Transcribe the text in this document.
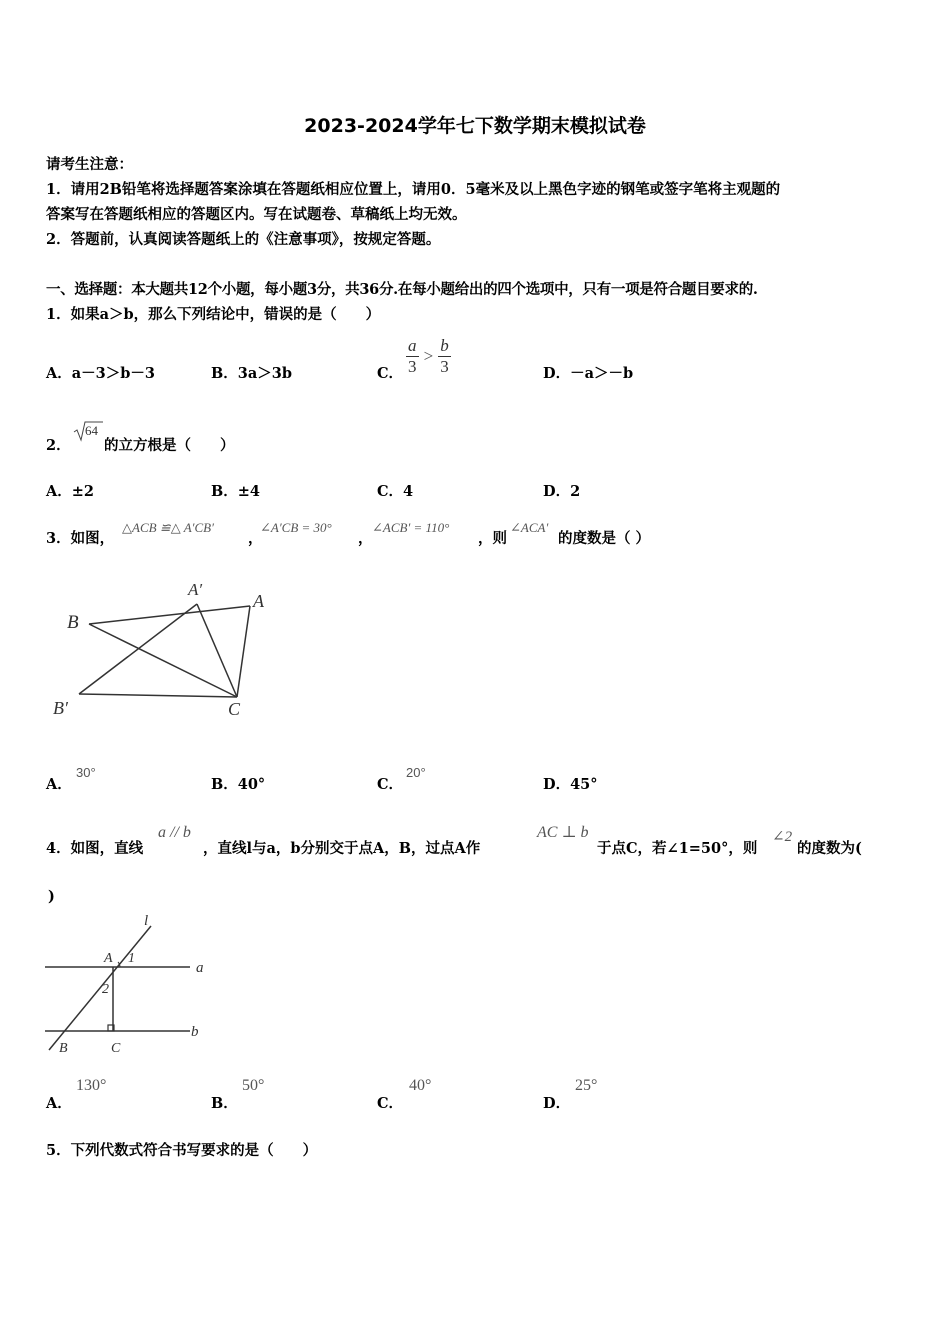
2023-2024学年七下数学期末模拟试卷
请考生注意：
1．请用2B铅笔将选择题答案涂填在答题纸相应位置上，请用0．5毫米及以上黑色字迹的钢笔或签字笔将主观题的
答案写在答题纸相应的答题区内。写在试题卷、草稿纸上均无效。
2．答题前，认真阅读答题纸上的《注意事项》，按规定答题。
一、选择题：本大题共12个小题，每小题3分，共36分.在每小题给出的四个选项中，只有一项是符合题目要求的.
1．如果a＞b，那么下列结论中，错误的是（　　）
A．a－3＞b－3	B．3a＞3b	C． $\frac{a}{3} > \frac{b}{3}$	D．－a＞－b
2．
64
的立方根是（　　）
A．±2	B．±4	C．4	D．2
3．如图，
△ACB ≌△ A′CB′
，
∠A′CB = 30°
，
∠ACB′ = 110°
，则
∠ACA′
的度数是（ ）
B
A′
A
B′	C
A．
30°
B．40°	C．
20°
D．45°
4．如图，直线
a // b
，直线l与a，b分别交于点A，B，过点A作
AC ⊥ b
于点C，若∠1=50°，则
∠2
的度数为(
)
l
A 1
a
2
b
B	C
A．
130°
B．
50°
C．
40°
D．
25°
5．下列代数式符合书写要求的是（　　）
